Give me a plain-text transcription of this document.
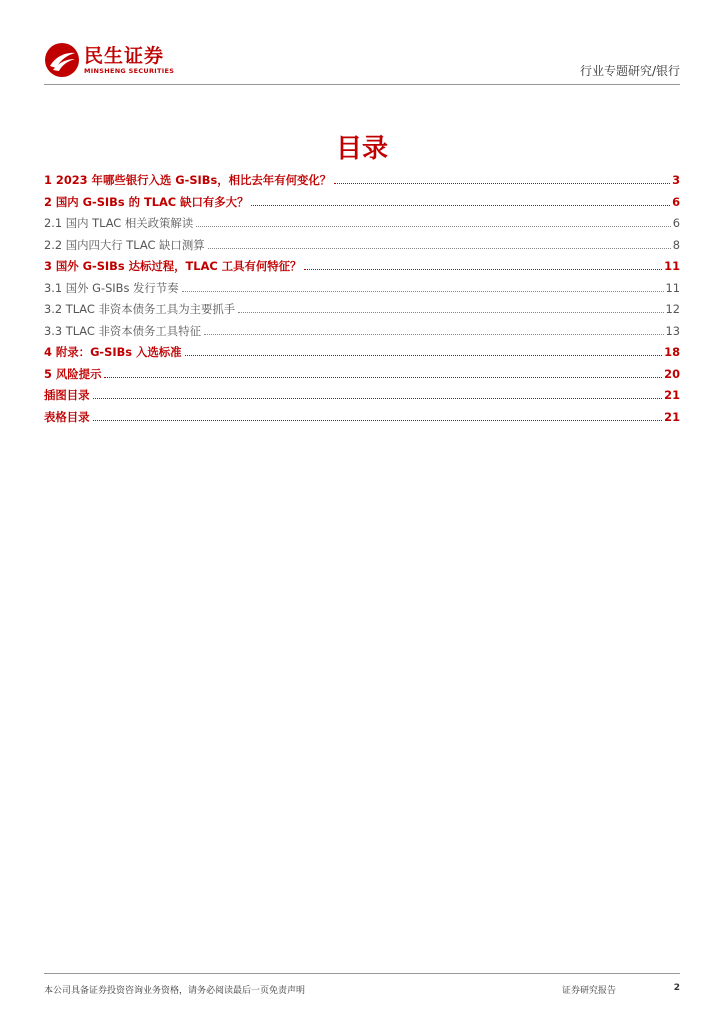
民生证券
MINSHENG SECURITIES	行业专题研究/银行
目录
1 2023 年哪些银行入选 G-SIBs，相比去年有何变化？	3
2 国内 G-SIBs 的 TLAC 缺口有多大？	6
2.1 国内 TLAC 相关政策解读	6
2.2 国内四大行 TLAC 缺口测算	8
3 国外 G-SIBs 达标过程，TLAC 工具有何特征？	11
3.1 国外 G-SIBs 发行节奏	11
3.2 TLAC 非资本债务工具为主要抓手	12
3.3 TLAC 非资本债务工具特征	13
4 附录：G-SIBs 入选标准	18
5 风险提示	20
插图目录	21
表格目录	21
本公司具备证券投资咨询业务资格，请务必阅读最后一页免责声明	证券研究报告	2
